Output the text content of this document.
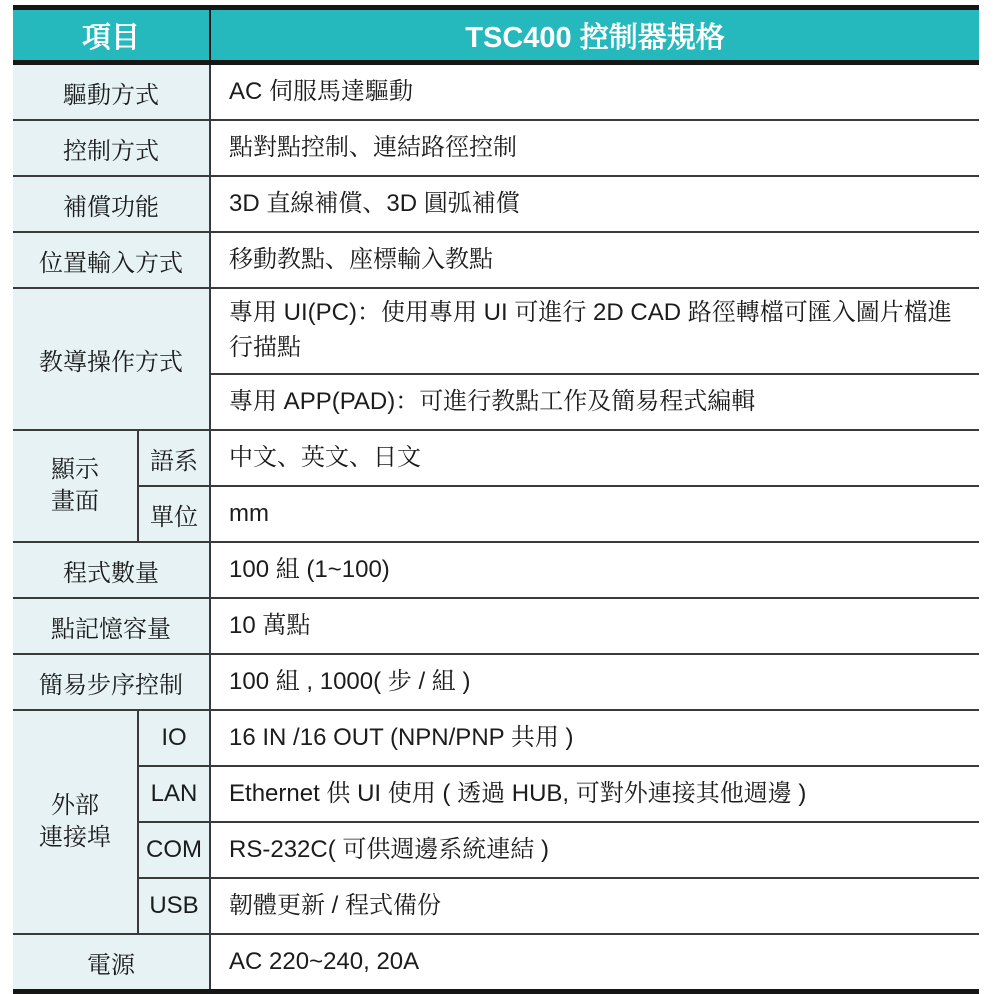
項目		TSC400 控制器規格
驅動方式		AC 伺服馬達驅動
控制方式		點對點控制、連結路徑控制
補償功能		3D 直線補償、3D 圓弧補償
位置輸入方式		移動教點、座標輸入教點
教導操作方式		專用 UI(PC)：使用專用 UI 可進行 2D CAD 路徑轉檔可匯入圖片檔進行描點
		專用 APP(PAD)：可進行教點工作及簡易程式編輯

顯示
畫面	語系	中文、英文、日文
	單位	mm
程式數量		100 組 (1~100)
點記憶容量		10 萬點
簡易步序控制		100 組 , 1000( 步 / 組 )

外部
連接埠	IO	16 IN /16 OUT (NPN/PNP 共用 )
	LAN	Ethernet 供 UI 使用 ( 透過 HUB, 可對外連接其他週邊 )
	COM	RS-232C( 可供週邊系統連結 )
	USB	韌體更新 / 程式備份
電源		AC 220~240, 20A
